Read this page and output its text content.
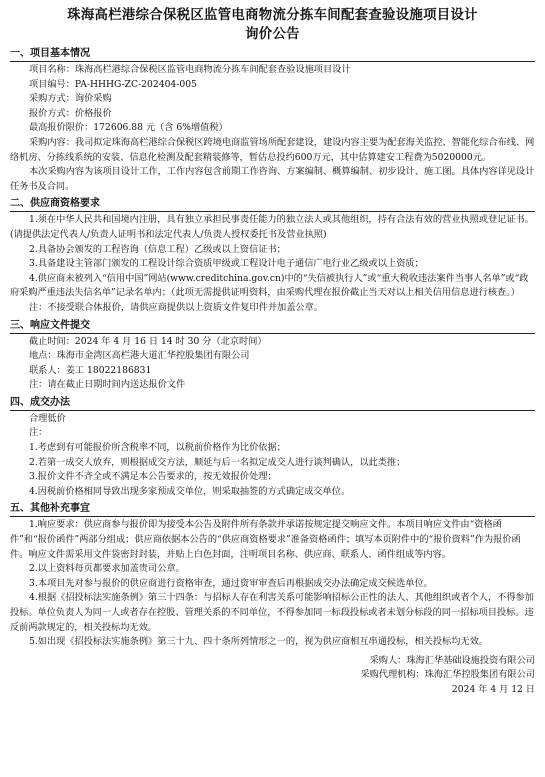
珠海高栏港综合保税区监管电商物流分拣车间配套查验设施项目设计
询价公告
一、项目基本情况

项目名称：珠海高栏港综合保税区监管电商物流分拣车间配套查验设施项目设计

项目编号：PA-HHHG-ZC-202404-005

采购方式：询价采购

报价方式：价格报价

最高报价限价：172606.88 元（含 6%增值税）

采购内容：我司拟定珠海高栏港综合保税区跨境电商监管场所配套建设，建设内容主要为配套海关监控、智能化综合布线、网络机房、分拣线系统的安装、信息化检测及配套精装修等，暂估总投约600万元，其中估算建安工程费为5020000元。

本次采购内容为该项目设计工作，工作内容包含前期工作咨询、方案编制、概算编制、初步设计、施工图。具体内容详见设计任务书及合同。

二、供应商资格要求

1.须在中华人民共和国境内注册，具有独立承担民事责任能力的独立法人或其他组织，持有合法有效的营业执照或登记证书。(请提供法定代表人/负责人证明书和法定代表人/负责人授权委托书及营业执照)

2.具备协会颁发的工程咨询（信息工程）乙级或以上资信证书；

3.具备建设主管部门颁发的工程设计综合资质甲级或工程设计电子通信广电行业乙级或以上资质；

4.供应商未被列入“信用中国”网站(www.creditchina.gov.cn)中的“失信被执行人”或“重大税收违法案件当事人名单”或“政府采购严重违法失信名单”记录名单内；（此项无需提供证明资料，由采购代理在报价截止当天对以上相关信用信息进行核查。）

注：不接受联合体报价，请供应商提供以上资质文件复印件并加盖公章。

三、响应文件提交

截止时间：2024 年 4 月 16 日 14 时 30 分（北京时间）

地点：珠海市金湾区高栏港大道汇华控股集团有限公司

联系人：姜工 18022186831

注：请在截止日期时间内送达报价文件

四、成交办法

合理低价

注：

1.考虑到有可能报价所含税率不同，以税前价格作为比价依据；

2.若第一成交人放弃，则根据成交方法，顺延与后一名拟定成交人进行谈判确认，以此类推；

3.报价文件不齐全或不满足本公告要求的，按无效报价处理；

4.因税前价格相同导致出现多家预成交单位，则采取抽签的方式确定成交单位。

五、其他补充事宜

1.响应要求：供应商参与报价即为接受本公告及附件所有条款并承诺按规定提交响应文件。本项目响应文件由“资格函件”和“报价函件”两部分组成；供应商依据本公告的“供应商资格要求”准备资格函件；填写本页附件中的“报价资料”作为报价函件。响应文件需采用文件袋密封封装，并贴上白色封面，注明项目名称、供应商、联系人、函件组成等内容。

2.以上资料每页都要求加盖贵司公章。

3.本项目先对参与报价的供应商进行资格审查，通过资审审查后再根据成交办法确定成交候选单位。

4.根据《招投标法实施条例》第三十四条：与招标人存在利害关系可能影响招标公正性的法人、其他组织或者个人，不得参加投标。单位负责人为同一人或者存在控股、管理关系的不同单位，不得参加同一标段投标或者未划分标段的同一招标项目投标。违反前两款规定的，相关投标均无效。

5.如出现《招投标法实施条例》第三十九、四十条所列情形之一的，视为供应商相互串通投标，相关投标均无效。

采购人：珠海汇华基础设施投资有限公司

采购代理机构：珠海汇华控股集团有限公司

2024 年 4 月 12 日
